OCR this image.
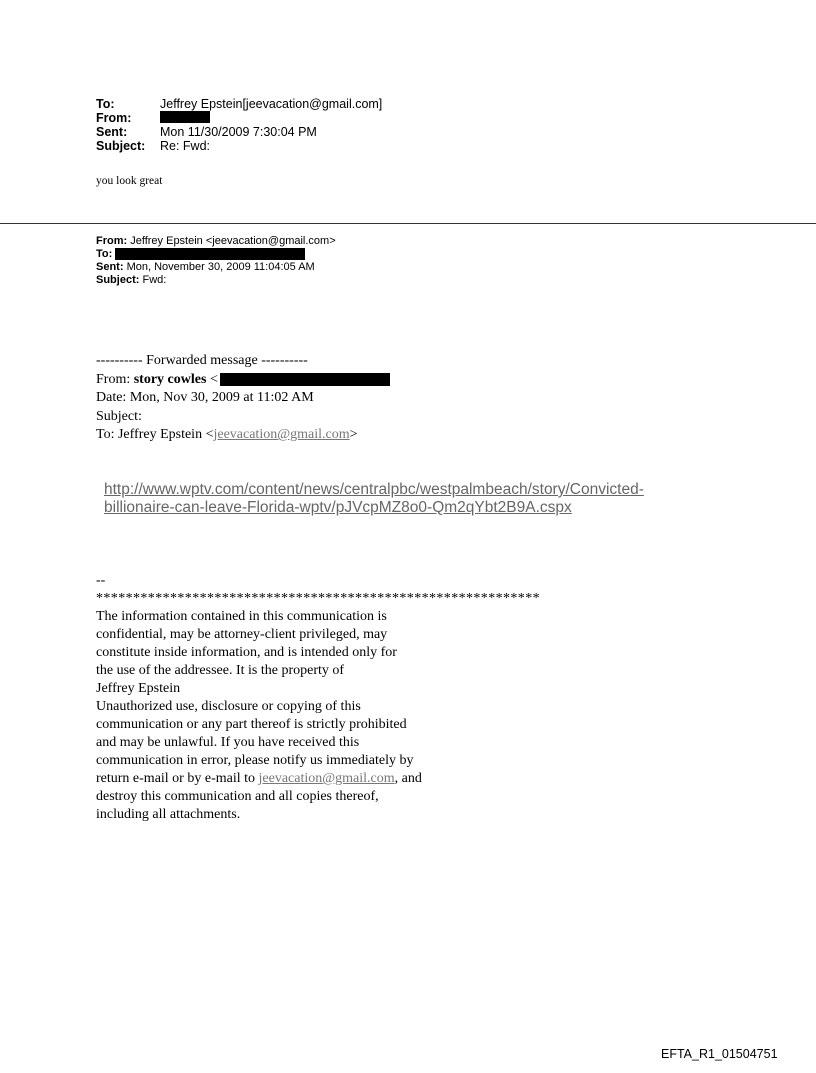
To:	Jeffrey Epstein[jeevacation@gmail.com]
From:
Sent:	Mon 11/30/2009 7:30:04 PM
Subject:	Re: Fwd:
you look great
From: Jeffrey Epstein <jeevacation@gmail.com>
To:
Sent: Mon, November 30, 2009 11:04:05 AM
Subject: Fwd:
---------- Forwarded message ----------
From: story cowles <
Date: Mon, Nov 30, 2009 at 11:02 AM
Subject:
To: Jeffrey Epstein <jeevacation@gmail.com>
http://www.wptv.com/content/news/centralpbc/westpalmbeach/story/Convicted-
billionaire-can-leave-Florida-wptv/pJVcpMZ8o0-Qm2qYbt2B9A.cspx
--
************************************************************
The information contained in this communication is
confidential, may be attorney-client privileged, may
constitute inside information, and is intended only for
the use of the addressee. It is the property of
Jeffrey Epstein
Unauthorized use, disclosure or copying of this
communication or any part thereof is strictly prohibited
and may be unlawful. If you have received this
communication in error, please notify us immediately by
return e-mail or by e-mail to jeevacation@gmail.com, and
destroy this communication and all copies thereof,
including all attachments.
EFTA_R1_01504751
